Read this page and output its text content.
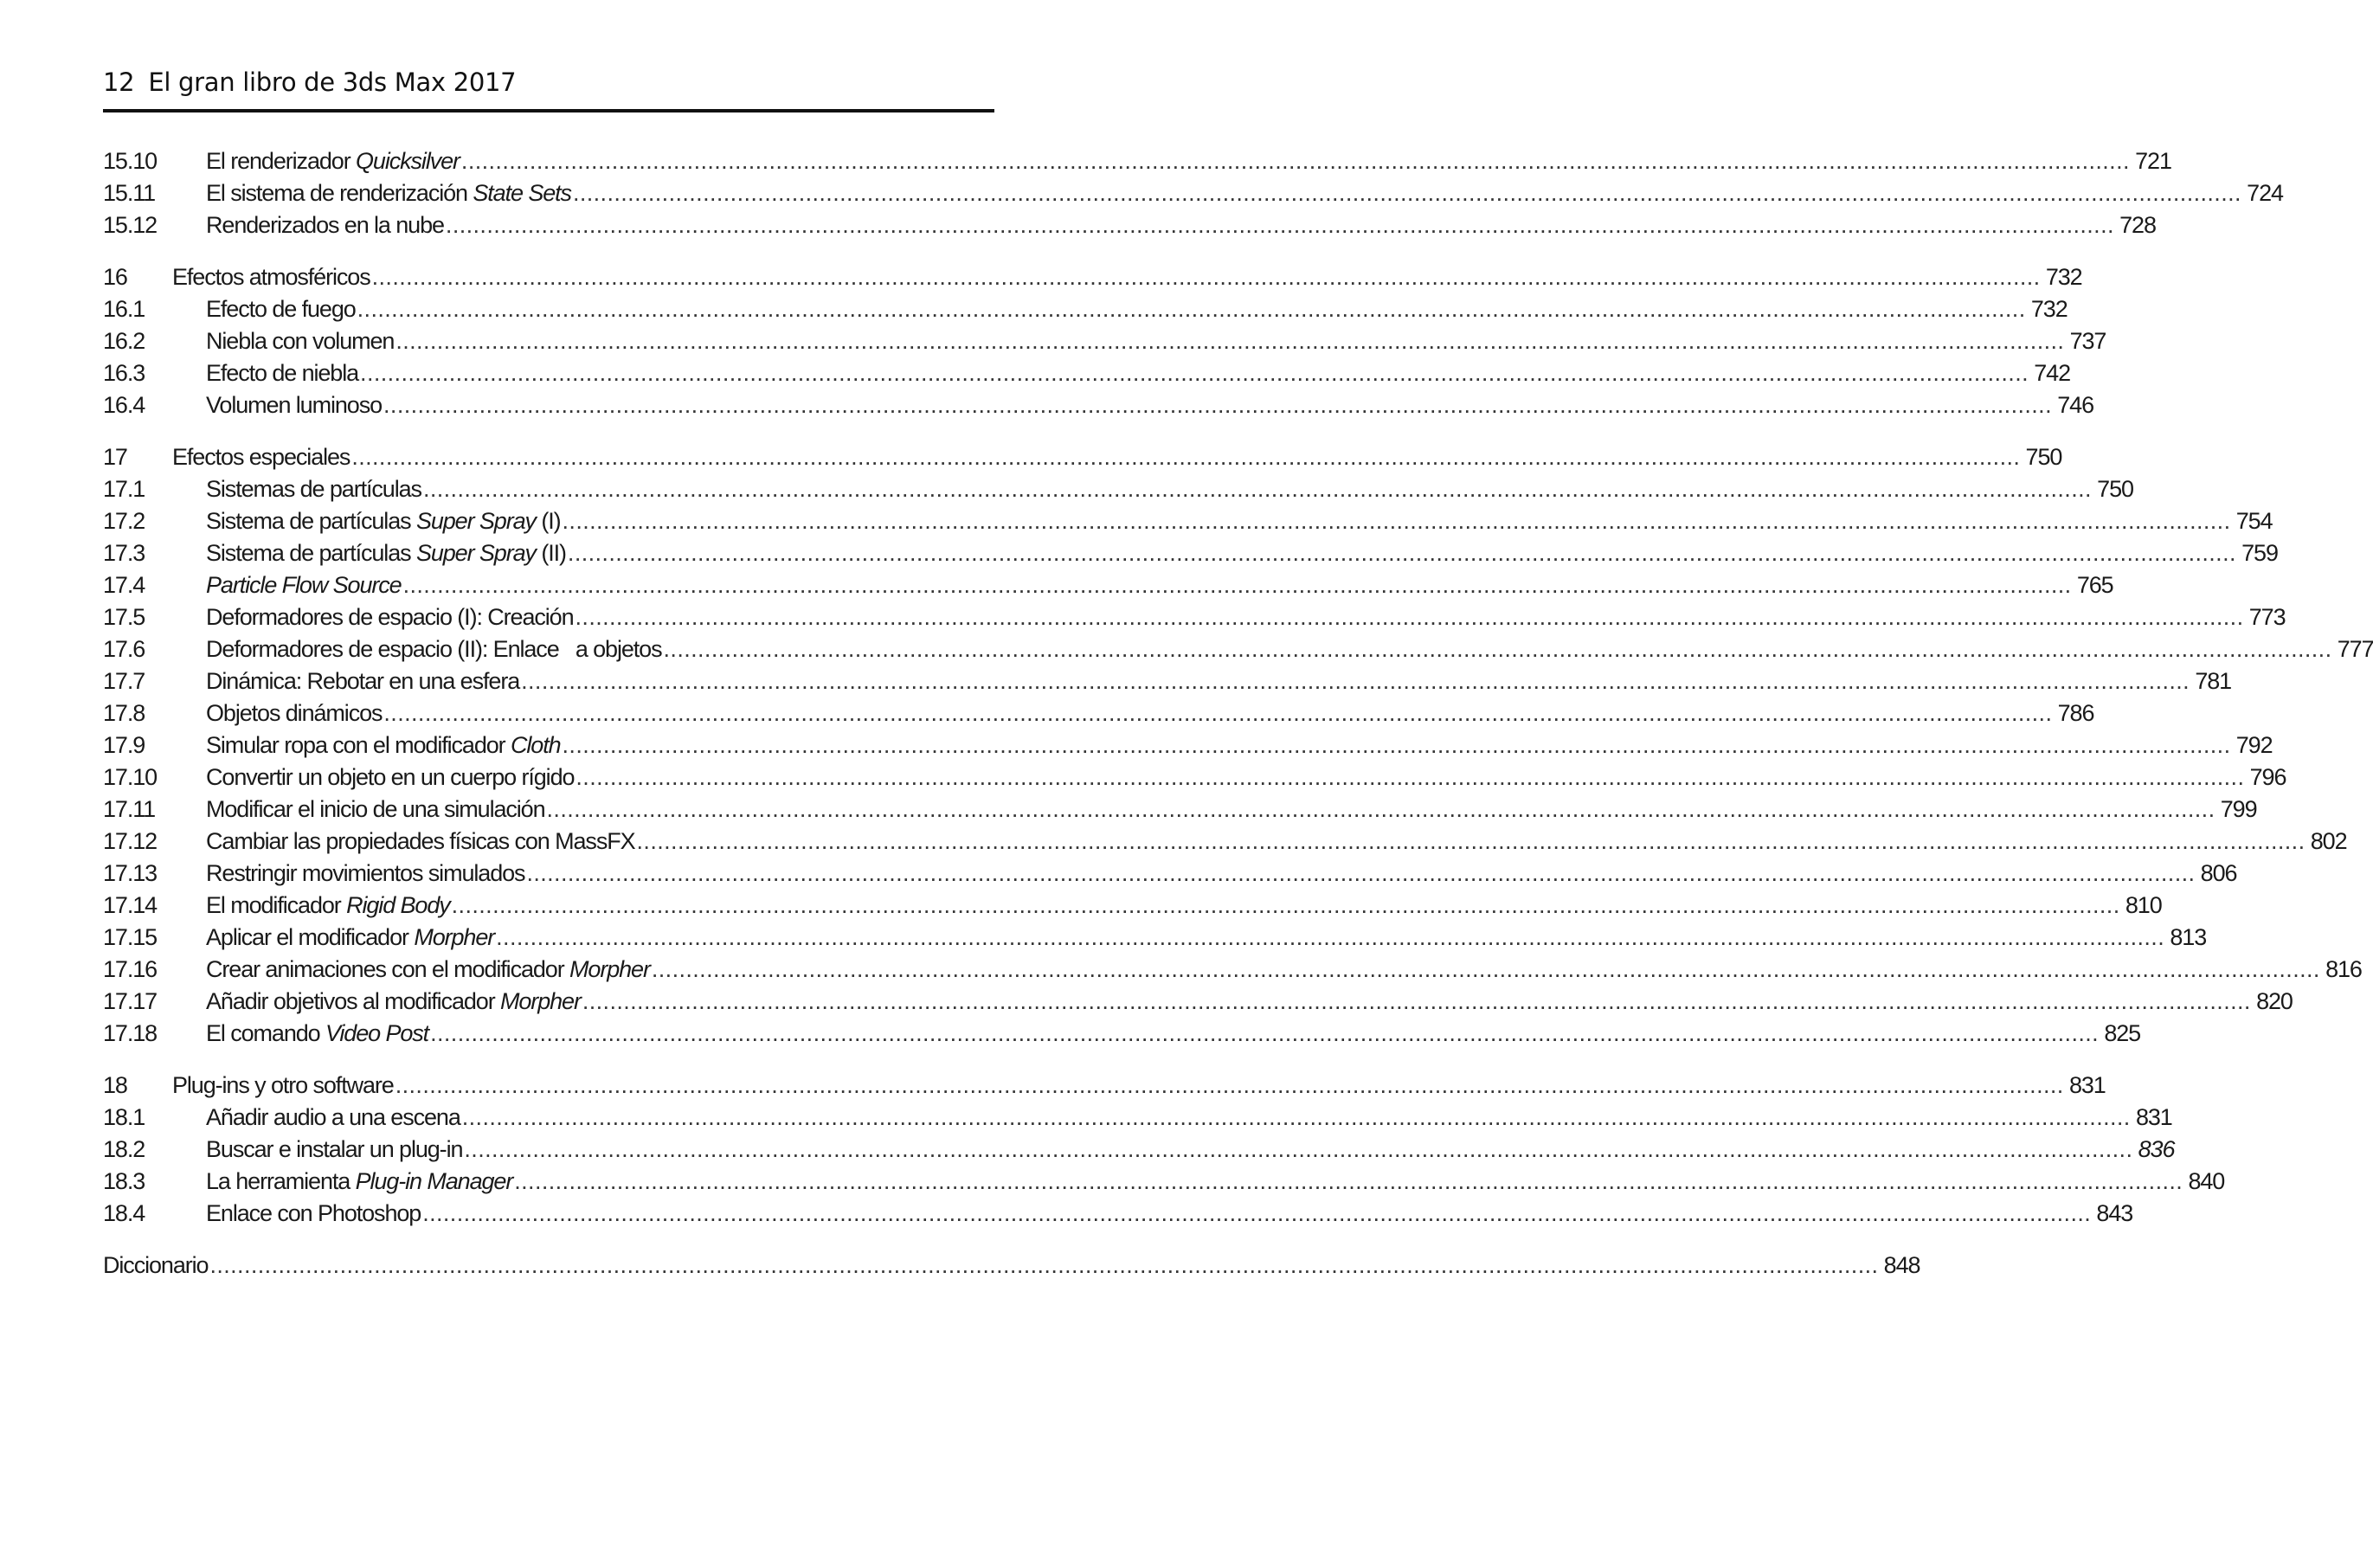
12 El gran libro de 3ds Max 2017
15.10	El renderizador Quicksilver .....	721
15.11	El sistema de renderización State Sets .....	724
15.12	Renderizados en la nube .....	728
16	Efectos atmosféricos .....	732
16.1	Efecto de fuego .....	732
16.2	Niebla con volumen .....	737
16.3	Efecto de niebla .....	742
16.4	Volumen luminoso .....	746
17	Efectos especiales .....	750
17.1	Sistemas de partículas .....	750
17.2	Sistema de partículas Super Spray (I) .....	754
17.3	Sistema de partículas Super Spray (II) .....	759
17.4	Particle Flow Source .....	765
17.5	Deformadores de espacio (I): Creación .....	773
17.6	Deformadores de espacio (II): Enlace   a objetos .....	777
17.7	Dinámica: Rebotar en una esfera .....	781
17.8	Objetos dinámicos .....	786
17.9	Simular ropa con el modificador Cloth .....	792
17.10	Convertir un objeto en un cuerpo rígido .....	796
17.11	Modificar el inicio de una simulación .....	799
17.12	Cambiar las propiedades físicas con MassFX .....	802
17.13	Restringir movimientos simulados .....	806
17.14	El modificador Rigid Body .....	810
17.15	Aplicar el modificador Morpher .....	813
17.16	Crear animaciones con el modificador Morpher .....	816
17.17	Añadir objetivos al modificador Morpher .....	820
17.18	El comando Video Post .....	825
18	Plug-ins y otro software .....	831
18.1	Añadir audio a una escena .....	831
18.2	Buscar e instalar un plug-in .....	836
18.3	La herramienta Plug-in Manager .....	840
18.4	Enlace con Photoshop .....	843
Diccionario .....	848
